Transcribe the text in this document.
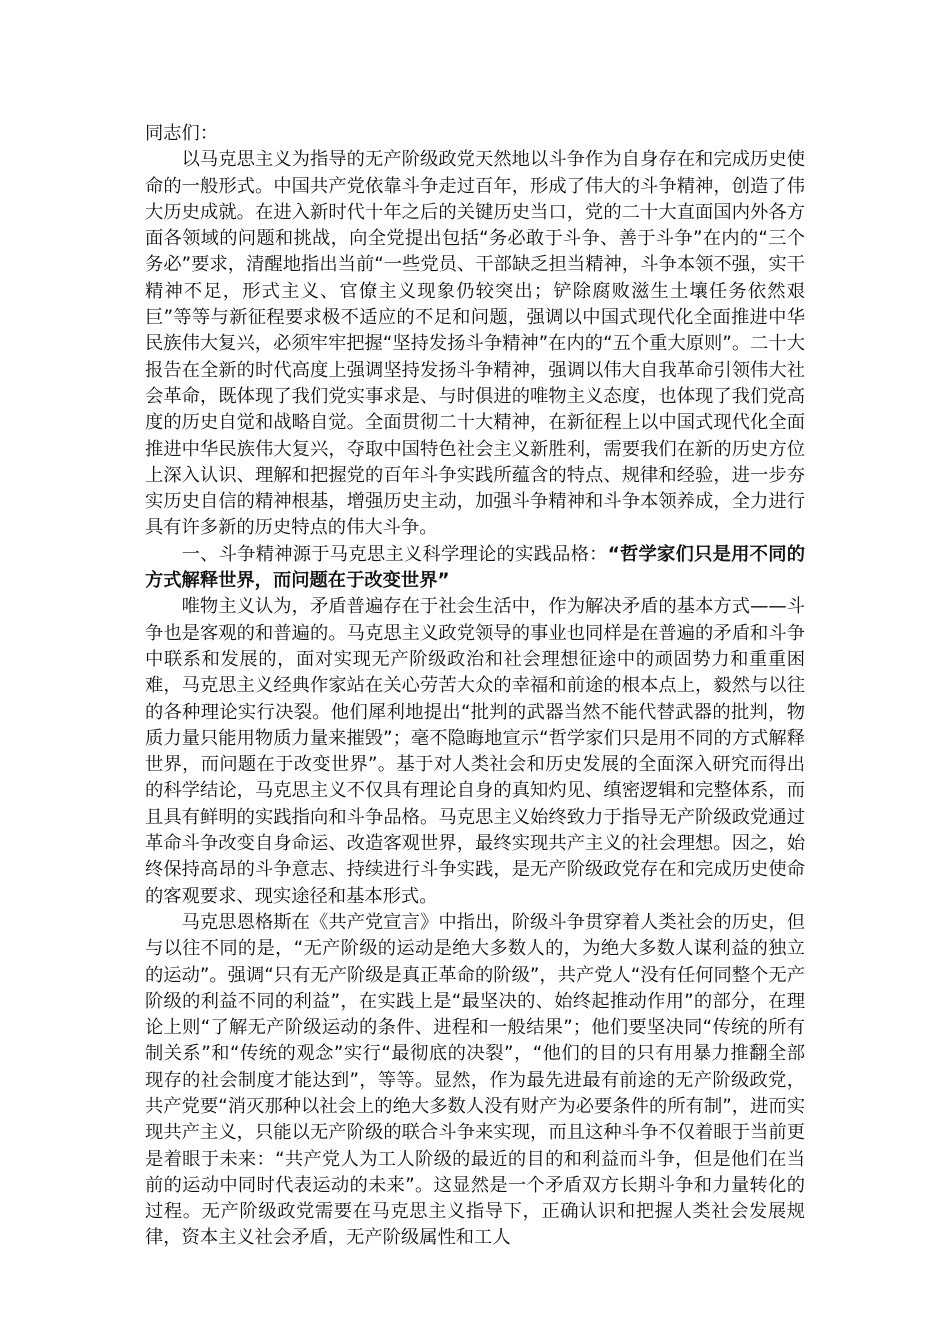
同志们：

以马克思主义为指导的无产阶级政党天然地以斗争作为自身存在和完成历史使命的一般形式。中国共产党依靠斗争走过百年，形成了伟大的斗争精神，创造了伟大历史成就。在进入新时代十年之后的关键历史当口，党的二十大直面国内外各方面各领域的问题和挑战，向全党提出包括“务必敢于斗争、善于斗争”在内的“三个务必”要求，清醒地指出当前“一些党员、干部缺乏担当精神，斗争本领不强，实干精神不足，形式主义、官僚主义现象仍较突出；铲除腐败滋生土壤任务依然艰巨”等等与新征程要求极不适应的不足和问题，强调以中国式现代化全面推进中华民族伟大复兴，必须牢牢把握“坚持发扬斗争精神”在内的“五个重大原则”。二十大报告在全新的时代高度上强调坚持发扬斗争精神，强调以伟大自我革命引领伟大社会革命，既体现了我们党实事求是、与时俱进的唯物主义态度，也体现了我们党高度的历史自觉和战略自觉。全面贯彻二十大精神，在新征程上以中国式现代化全面推进中华民族伟大复兴，夺取中国特色社会主义新胜利，需要我们在新的历史方位上深入认识、理解和把握党的百年斗争实践所蕴含的特点、规律和经验，进一步夯实历史自信的精神根基，增强历史主动，加强斗争精神和斗争本领养成，全力进行具有许多新的历史特点的伟大斗争。

一、斗争精神源于马克思主义科学理论的实践品格：“哲学家们只是用不同的方式解释世界，而问题在于改变世界”

唯物主义认为，矛盾普遍存在于社会生活中，作为解决矛盾的基本方式——斗争也是客观的和普遍的。马克思主义政党领导的事业也同样是在普遍的矛盾和斗争中联系和发展的，面对实现无产阶级政治和社会理想征途中的顽固势力和重重困难，马克思主义经典作家站在关心劳苦大众的幸福和前途的根本点上，毅然与以往的各种理论实行决裂。他们犀利地提出“批判的武器当然不能代替武器的批判，物质力量只能用物质力量来摧毁”；毫不隐晦地宣示“哲学家们只是用不同的方式解释世界，而问题在于改变世界”。基于对人类社会和历史发展的全面深入研究而得出的科学结论，马克思主义不仅具有理论自身的真知灼见、缜密逻辑和完整体系，而且具有鲜明的实践指向和斗争品格。马克思主义始终致力于指导无产阶级政党通过革命斗争改变自身命运、改造客观世界，最终实现共产主义的社会理想。因之，始终保持高昂的斗争意志、持续进行斗争实践，是无产阶级政党存在和完成历史使命的客观要求、现实途径和基本形式。

马克思恩格斯在《共产党宣言》中指出，阶级斗争贯穿着人类社会的历史，但与以往不同的是，“无产阶级的运动是绝大多数人的，为绝大多数人谋利益的独立的运动”。强调“只有无产阶级是真正革命的阶级”，共产党人“没有任何同整个无产阶级的利益不同的利益”，在实践上是“最坚决的、始终起推动作用”的部分，在理论上则“了解无产阶级运动的条件、进程和一般结果”；他们要坚决同“传统的所有制关系”和“传统的观念”实行“最彻底的决裂”，“他们的目的只有用暴力推翻全部现存的社会制度才能达到”，等等。显然，作为最先进最有前途的无产阶级政党，共产党要“消灭那种以社会上的绝大多数人没有财产为必要条件的所有制”，进而实现共产主义，只能以无产阶级的联合斗争来实现，而且这种斗争不仅着眼于当前更是着眼于未来：“共产党人为工人阶级的最近的目的和利益而斗争，但是他们在当前的运动中同时代表运动的未来”。这显然是一个矛盾双方长期斗争和力量转化的过程。无产阶级政党需要在马克思主义指导下，正确认识和把握人类社会发展规律，资本主义社会矛盾，无产阶级属性和工人
